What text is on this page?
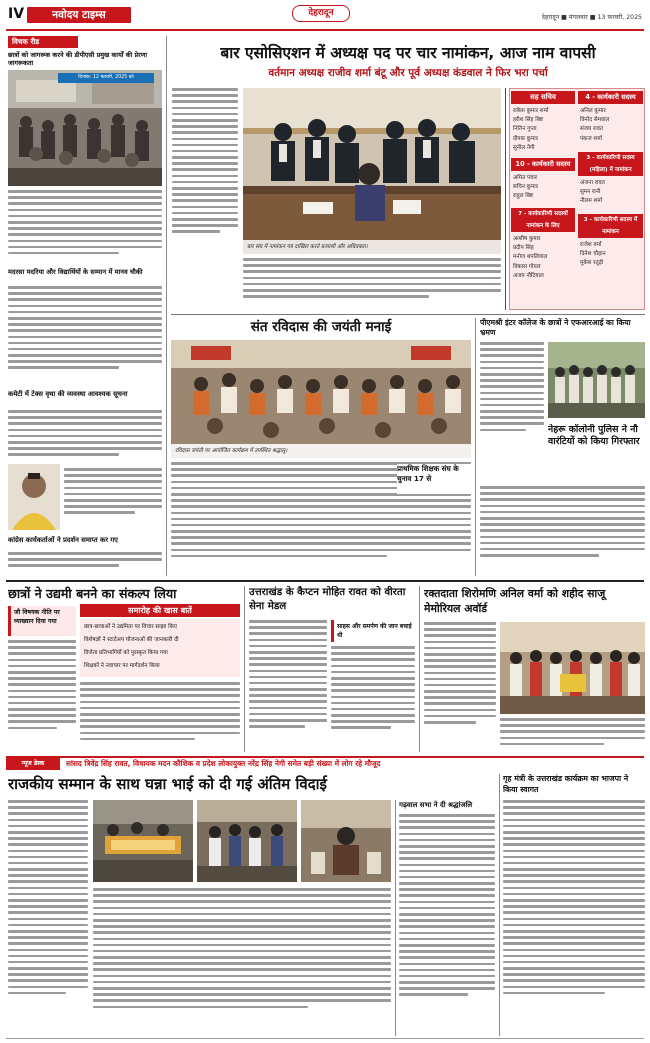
IV	नवोदय टाइम्स	देहरादून	देहरादून ■ मंगलवार ■ 13 फरवरी, 2025
विचक रीड
छात्रों को जागरूक करने की डीपीएसी प्रमुख कार्यों की प्रेरणा जागरूकता
दिनांक: 12 फरवरी, 2025 को
मदरसा मदरिया और विद्यार्थियों के सम्मान में मानव चौकी
कमेटी में टेक्स वृथा की व्यवस्था आवश्यक सूचना
कांग्रेस कार्यकर्ताओं ने प्रदर्शन समाप्त कर गए
बार एसोसिएशन में अध्यक्ष पद पर चार नामांकन, आज नाम वापसी
वर्तमान अध्यक्ष राजीव शर्मा बंटू और पूर्व अध्यक्ष कंडवाल ने फिर भरा पर्चा
बार संघ में नामांकन पत्र दाखिल करते प्रत्याशी और अधिवक्ता।
सह सचिव
राकेश कुमार शर्मा
हरीश सिंह बिष्ट
नितिन गुप्ता
दीपक कुमार
सुनील नेगी
4 - कार्यकारी सदस्य
अनिल कुमार
विनोद सेमवाल
संजय रावत
पंकज शर्मा
10 - कार्यकारी सदस्य
अमित पंवार
सचिन कुमार
राहुल बिष्ट
3 - कार्यकारिणी सदस्य (महिला) में नामांकन
अंजना रावत
सुमन रानी
नीलम शर्मा
7 - कार्यकारिणी सदस्यों नामांकन के लिए
आशीष कुमार
प्रदीप सिंह
मनोज थपलियाल
विकास गोयल
अजय नौटियाल
3 - कार्यकारिणी सदस्य में नामांकन
राजेश वर्मा
दिनेश चौहान
मुकेश रतूड़ी
संत रविदास की जयंती मनाई
रविदास जयंती पर आयोजित कार्यक्रम में उपस्थित श्रद्धालु।
पीएमश्री इंटर कॉलेज के छात्रों ने एफआरआई का किया भ्रमण
प्राथमिक शिक्षक संघ के चुनाव 17 से
नेहरू कॉलोनी पुलिस ने नौ वारंटियों को किया गिरफ्तार
छात्रों ने उद्यमी बनने का संकल्प लिया
जौ विषयक नीति पर व्याख्यान दिया गया
समारोह की खास बातें
छात्र-छात्राओं ने उद्यमिता पर विचार साझा किए
विशेषज्ञों ने स्टार्टअप योजनाओं की जानकारी दी
विजेता प्रतिभागियों को पुरस्कृत किया गया
शिक्षकों ने नवाचार पर मार्गदर्शन किया
उत्तराखंड के कैप्टन मोहित रावत को वीरता सेना मेडल
साहस और समर्पण की जान बचाई थी
रक्तदाता शिरोमणि अनिल वर्मा को शहीद साजू मेमोरियल अवॉर्ड
न्यूज डेस्क	सांसद त्रिवेंद्र सिंह रावत, विधायक मदन कौशिक व प्रदेश लोकायुक्त नरेंद्र सिंह नेगी समेत बड़ी संख्या में लोग रहे मौजूद
राजकीय सम्मान के साथ घन्ना भाई को दी गई अंतिम विदाई
गढ़वाल सभा ने दी श्रद्धांजलि
गृह मंत्री के उत्तराखंड कार्यक्रम का भाजपा ने किया स्वागत
